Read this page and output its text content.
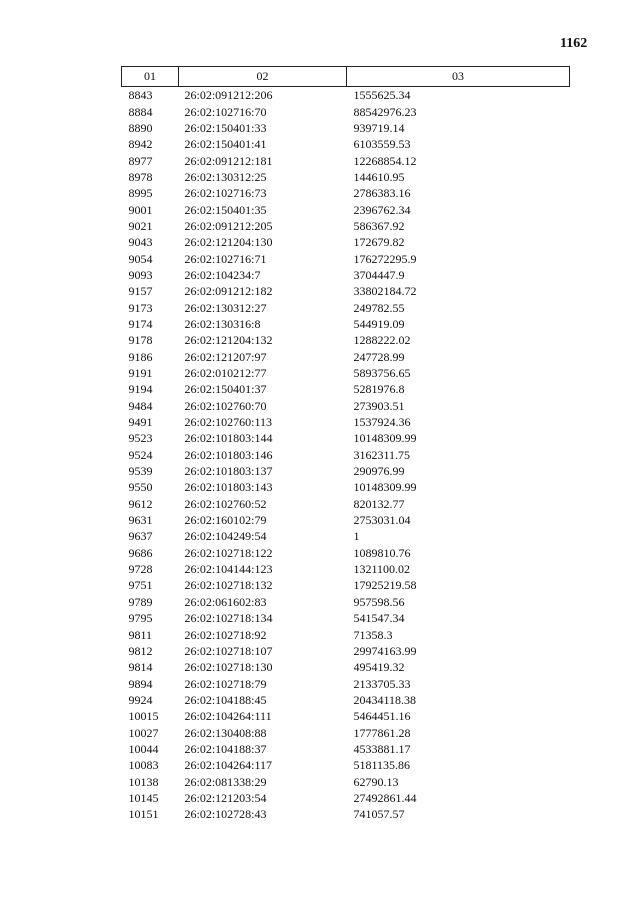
1162
01	02	03
8843	26:02:091212:206	1555625.34
8884	26:02:102716:70	88542976.23
8890	26:02:150401:33	939719.14
8942	26:02:150401:41	6103559.53
8977	26:02:091212:181	12268854.12
8978	26:02:130312:25	144610.95
8995	26:02:102716:73	2786383.16
9001	26:02:150401:35	2396762.34
9021	26:02:091212:205	586367.92
9043	26:02:121204:130	172679.82
9054	26:02:102716:71	176272295.9
9093	26:02:104234:7	3704447.9
9157	26:02:091212:182	33802184.72
9173	26:02:130312:27	249782.55
9174	26:02:130316:8	544919.09
9178	26:02:121204:132	1288222.02
9186	26:02:121207:97	247728.99
9191	26:02:010212:77	5893756.65
9194	26:02:150401:37	5281976.8
9484	26:02:102760:70	273903.51
9491	26:02:102760:113	1537924.36
9523	26:02:101803:144	10148309.99
9524	26:02:101803:146	3162311.75
9539	26:02:101803:137	290976.99
9550	26:02:101803:143	10148309.99
9612	26:02:102760:52	820132.77
9631	26:02:160102:79	2753031.04
9637	26:02:104249:54	1
9686	26:02:102718:122	1089810.76
9728	26:02:104144:123	1321100.02
9751	26:02:102718:132	17925219.58
9789	26:02:061602:83	957598.56
9795	26:02:102718:134	541547.34
9811	26:02:102718:92	71358.3
9812	26:02:102718:107	29974163.99
9814	26:02:102718:130	495419.32
9894	26:02:102718:79	2133705.33
9924	26:02:104188:45	20434118.38
10015	26:02:104264:111	5464451.16
10027	26:02:130408:88	1777861.28
10044	26:02:104188:37	4533881.17
10083	26:02:104264:117	5181135.86
10138	26:02:081338:29	62790.13
10145	26:02:121203:54	27492861.44
10151	26:02:102728:43	741057.57
